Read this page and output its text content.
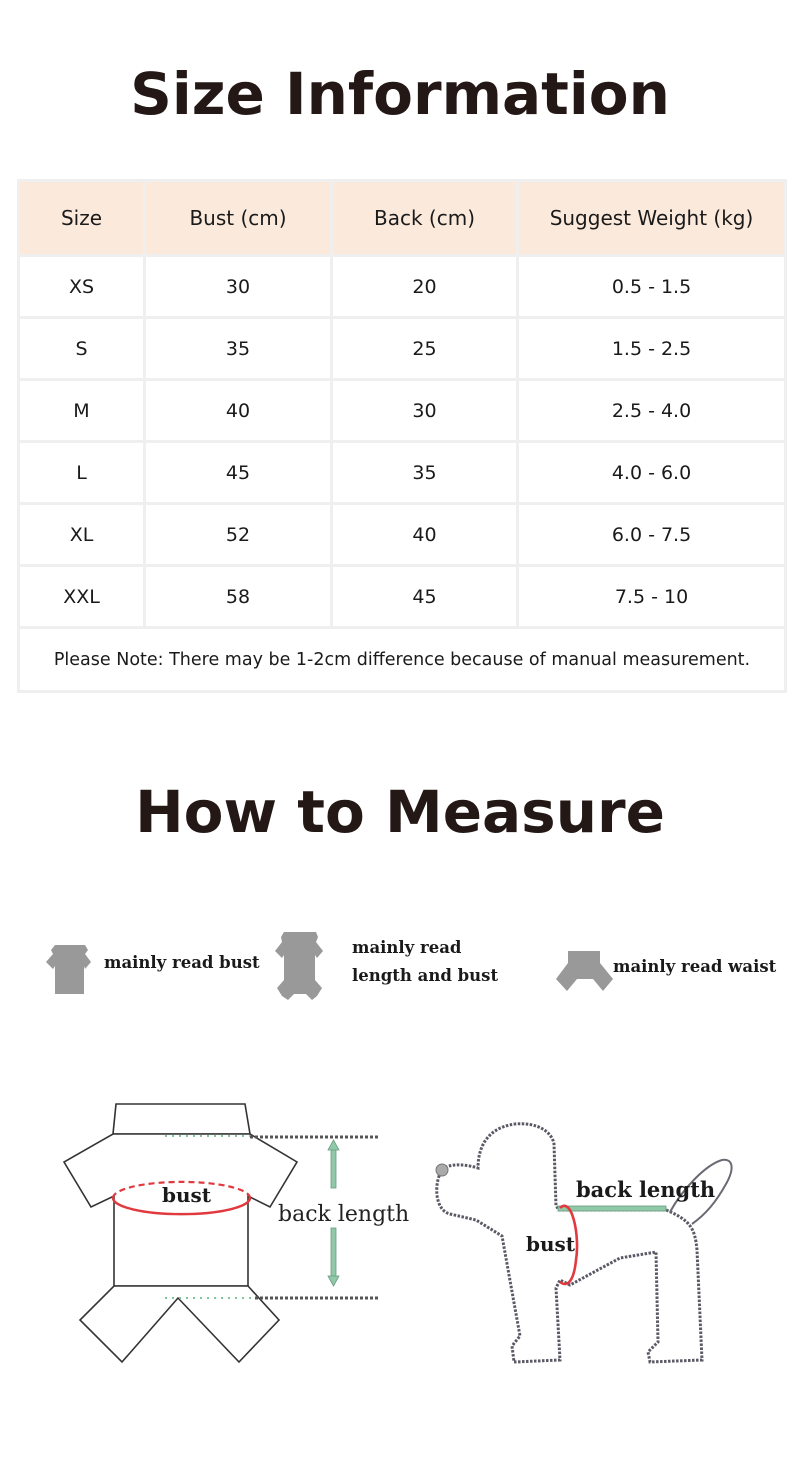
Size Information
Size	Bust (cm)	Back (cm)	Suggest Weight (kg)
XS	30	20	0.5 - 1.5
S	35	25	1.5 - 2.5
M	40	30	2.5 - 4.0
L	45	35	4.0 - 6.0
XL	52	40	6.0 - 7.5
XXL	58	45	7.5 - 10
Please Note: There may be 1-2cm difference because of manual measurement.			
How to Measure
mainly read bust
mainly read
length and bust	mainly read waist
bust
back length
back length
bust
